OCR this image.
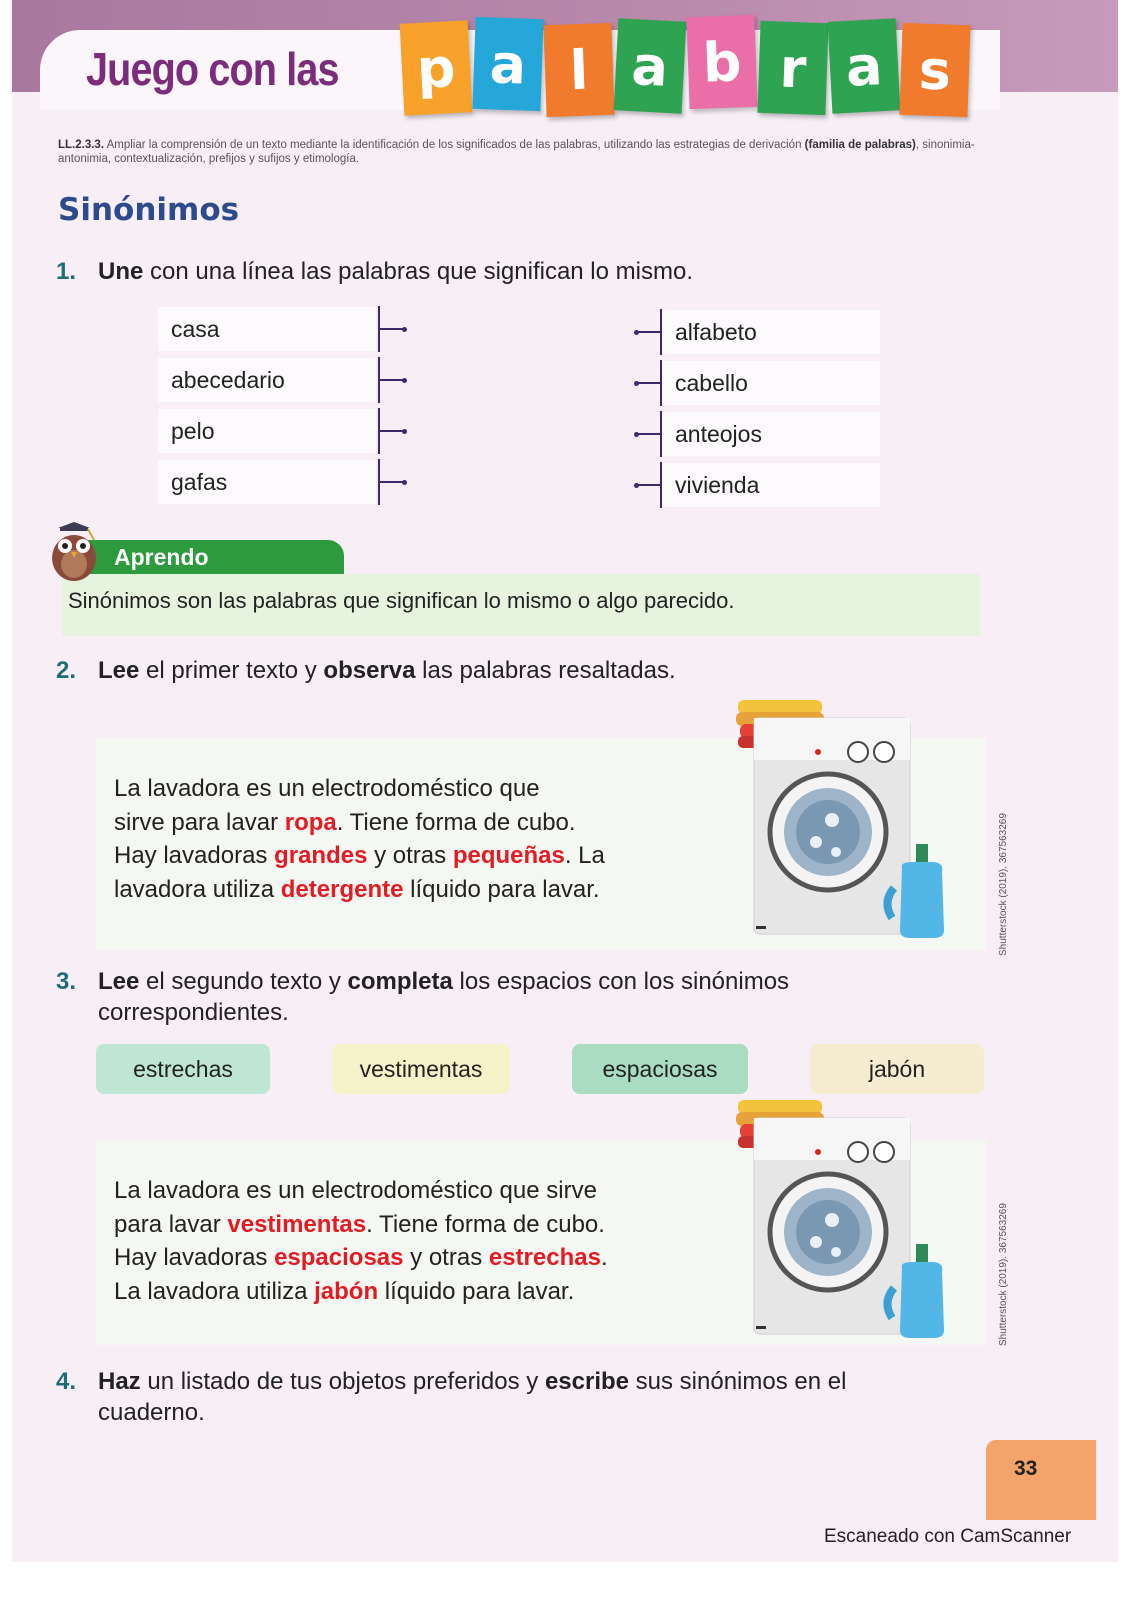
Juego con las p a l a b r a s
LL.2.3.3. Ampliar la comprensión de un texto mediante la identificación de los significados de las palabras, utilizando las estrategias de derivación (familia de palabras), sinonimia-antonimia, contextualización, prefijos y sufijos y etimología.
Sinónimos
1. Une con una línea las palabras que significan lo mismo.
casa
abecedario
pelo
gafas
alfabeto
cabello
anteojos
vivienda
Aprendo
Sinónimos son las palabras que significan lo mismo o algo parecido.
2. Lee el primer texto y observa las palabras resaltadas.
La lavadora es un electrodoméstico que
sirve para lavar ropa. Tiene forma de cubo.
Hay lavadoras grandes y otras pequeñas. La
lavadora utiliza detergente líquido para lavar.	Shutterstock (2019). 367563269
3. Lee el segundo texto y completa los espacios con los sinónimos
correspondientes.
estrechas	vestimentas	espaciosas	jabón
La lavadora es un electrodoméstico que sirve
para lavar vestimentas. Tiene forma de cubo.
Hay lavadoras espaciosas y otras estrechas.
La lavadora utiliza jabón líquido para lavar.	Shutterstock (2019). 367563269
4. Haz un listado de tus objetos preferidos y escribe sus sinónimos en el
cuaderno.
33
Escaneado con CamScanner
